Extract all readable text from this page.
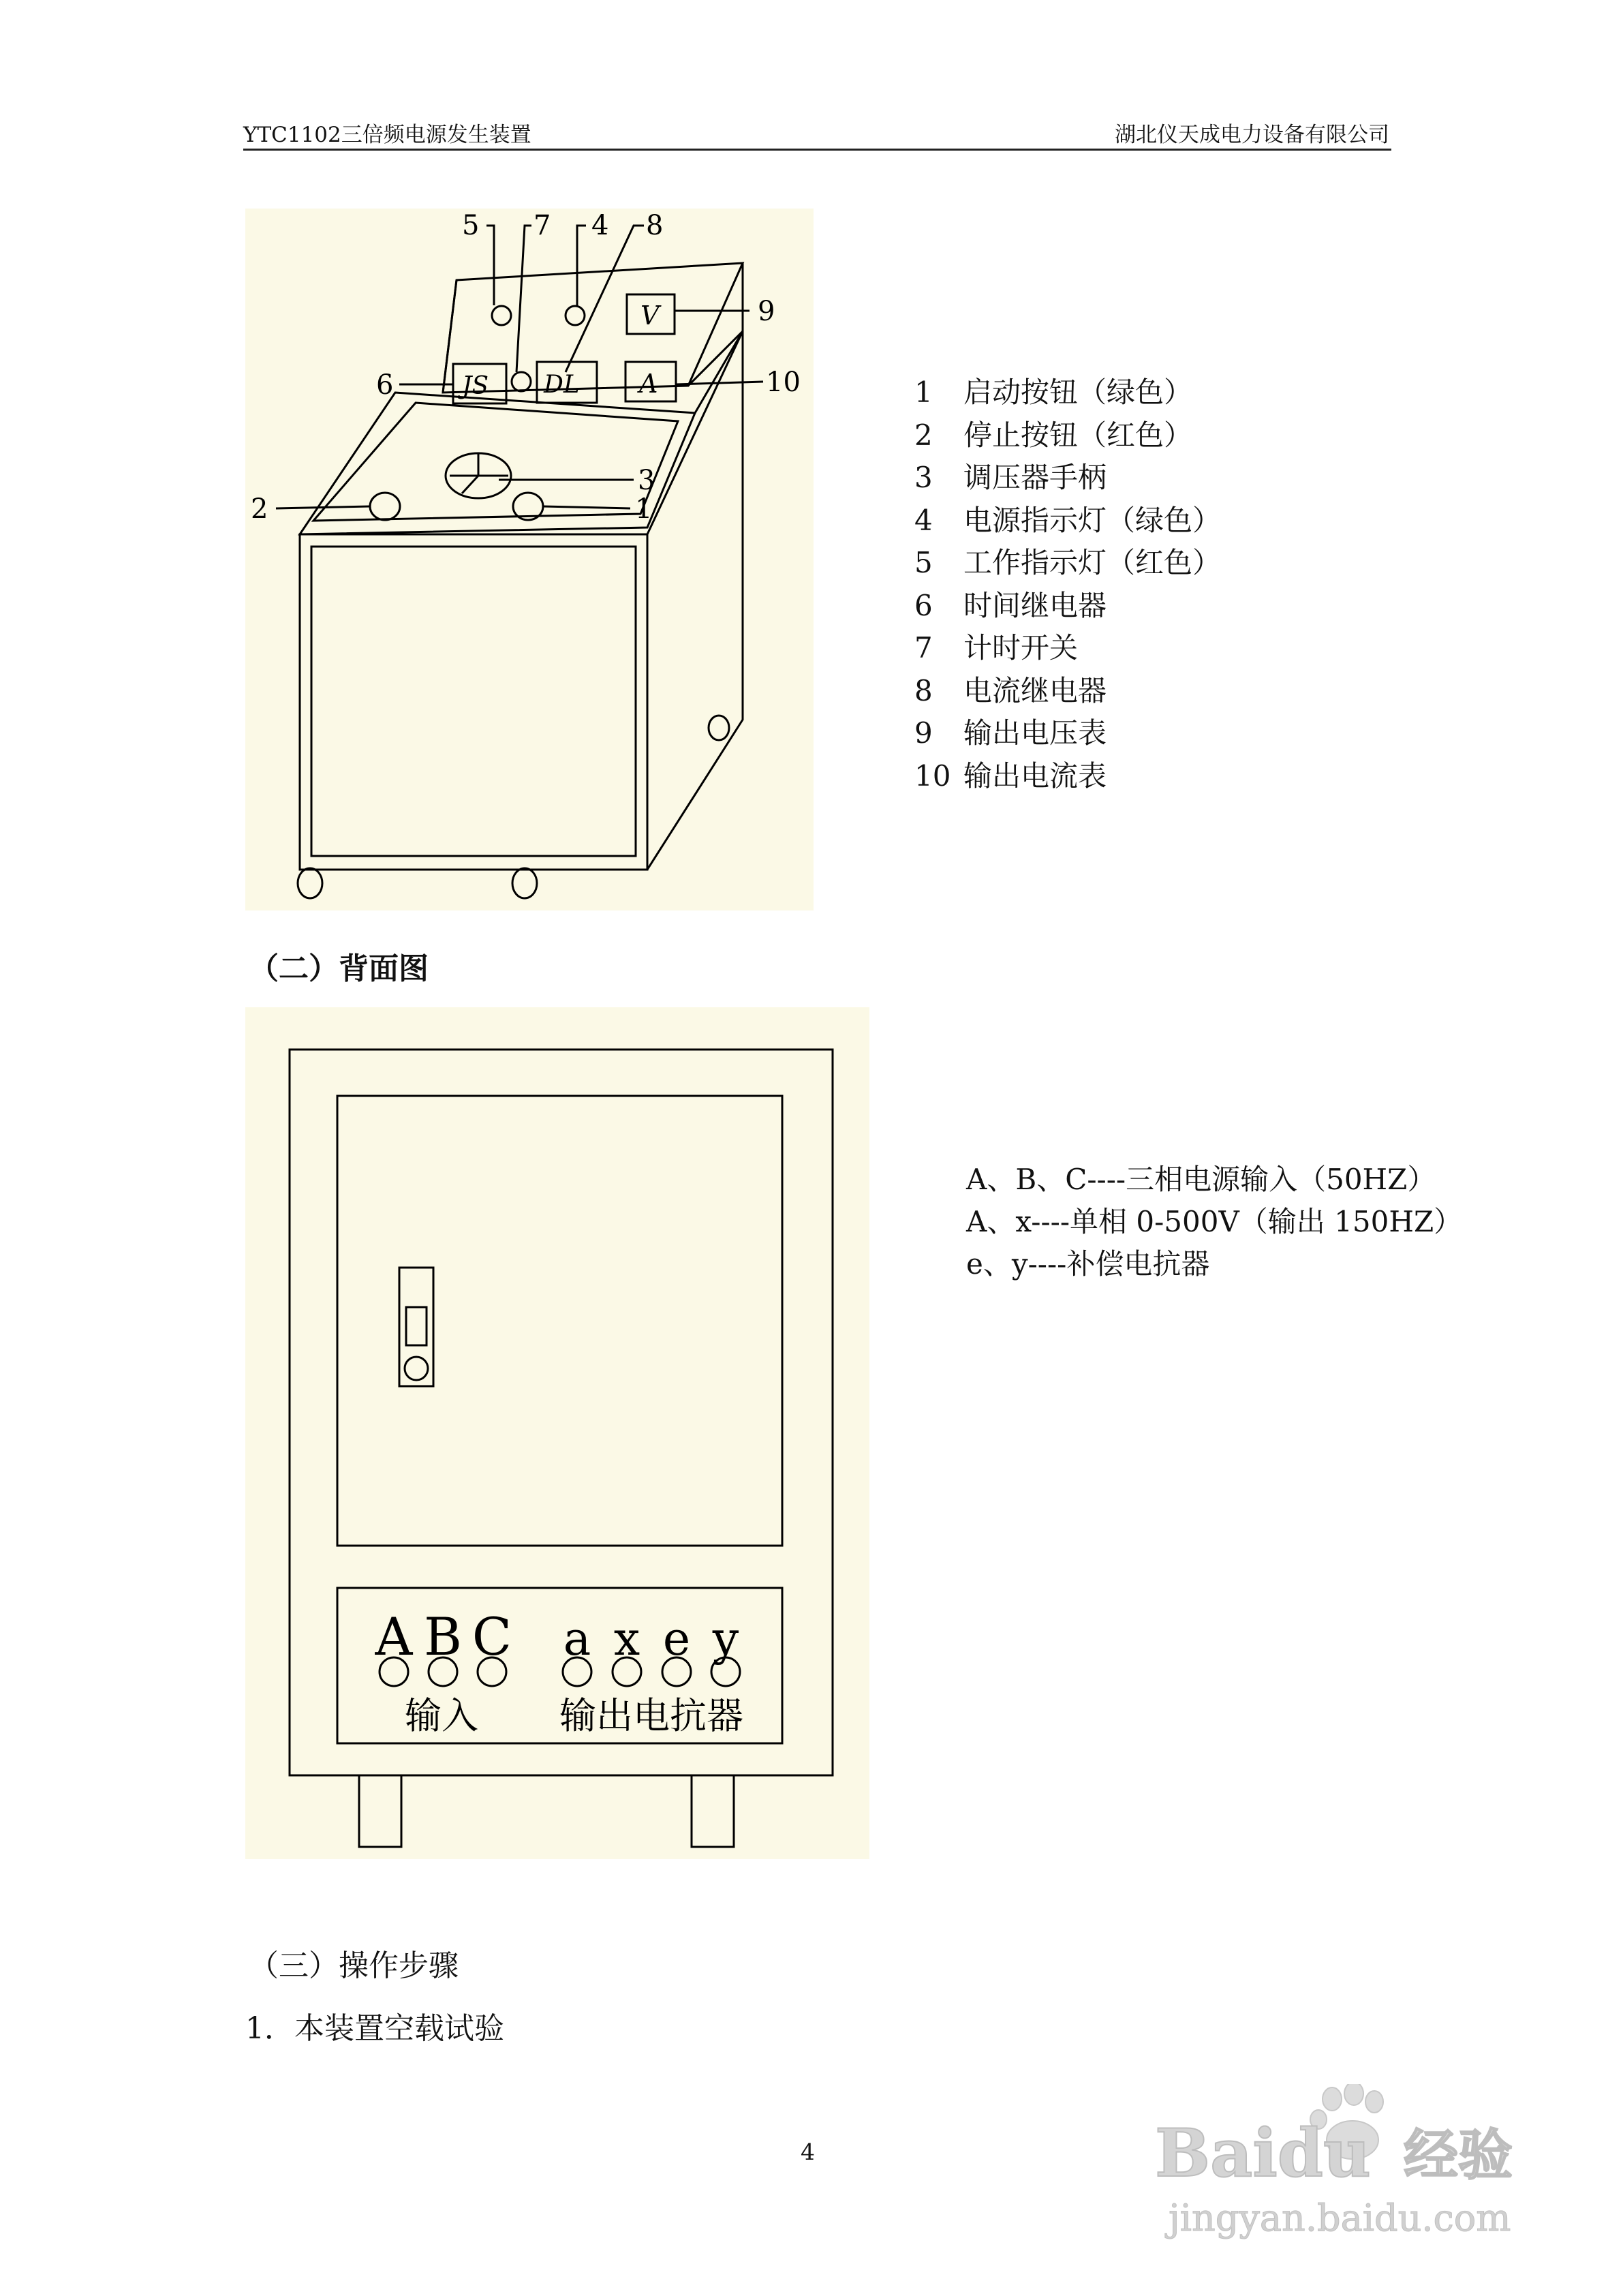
YTC1102三倍频电源发生装置	湖北仪天成电力设备有限公司
5 7 4 8
9
6	10
3
2	1
V
A
JS DL	1 启动按钮（绿色）
2 停止按钮（红色）
3 调压器手柄
4 电源指示灯（绿色）
5 工作指示灯（红色）
6 时间继电器
7 计时开关
8 电流继电器
9 输出电压表
10 输出电流表
（二）背面图
A B C a x e y
输入 输出电抗器
A、B、C----三相电源输入（50HZ）
A、x----单相 0-500V（输出 150HZ）
e、y----补偿电抗器
（三）操作步骤
1．本装置空载试验
4	Baidu 经验
jingyan.baidu.com
